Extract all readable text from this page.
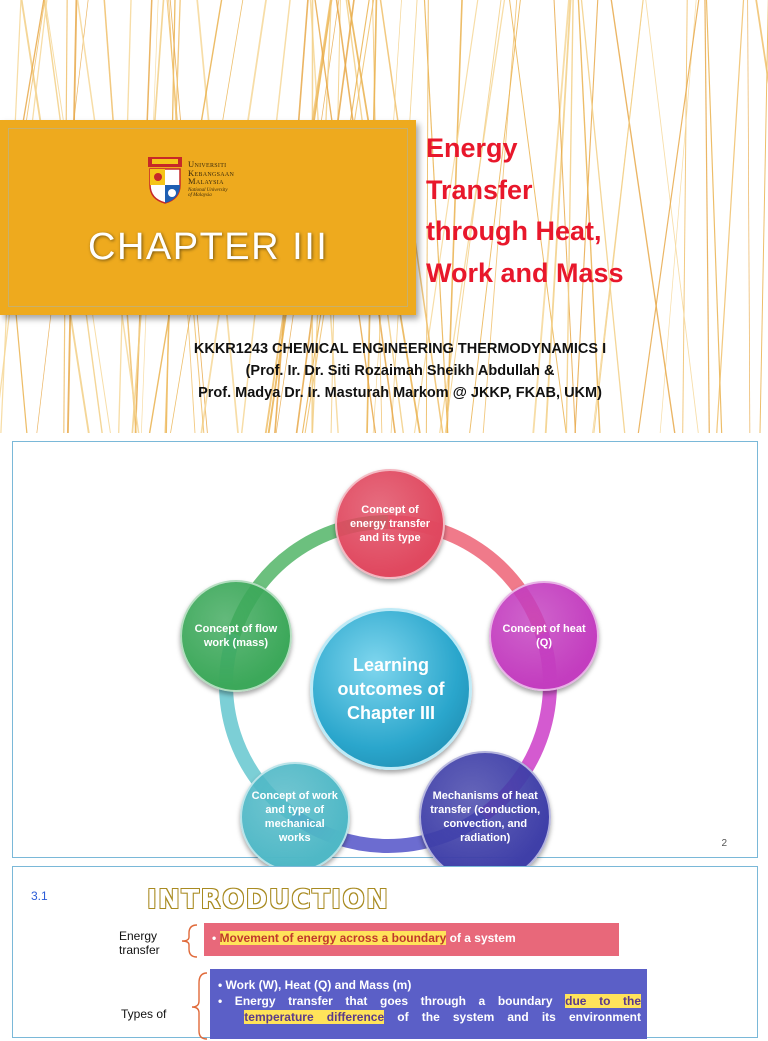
Universiti
Kebangsaan
Malaysia
National University
of Malaysia
CHAPTER III
Energy
Transfer
through Heat,
Work and Mass
KKKR1243 CHEMICAL ENGINEERING THERMODYNAMICS I
(Prof. Ir. Dr. Siti Rozaimah Sheikh Abdullah &
Prof. Madya Dr. Ir. Masturah Markom @ JKKP, FKAB, UKM)
Learning outcomes of Chapter III
Concept of energy transfer and its type
Concept of heat (Q)
Mechanisms of heat transfer (conduction, convection, and radiation)
Concept of work and type of mechanical works
Concept of flow work (mass)
2
3.1	INTRODUCTION
Energy
transfer
• Movement of energy across a boundary of a system
Types of
• Work (W), Heat (Q) and Mass (m)
• Energy transfer that goes through a boundary due to the
temperature difference of the system and its environment
